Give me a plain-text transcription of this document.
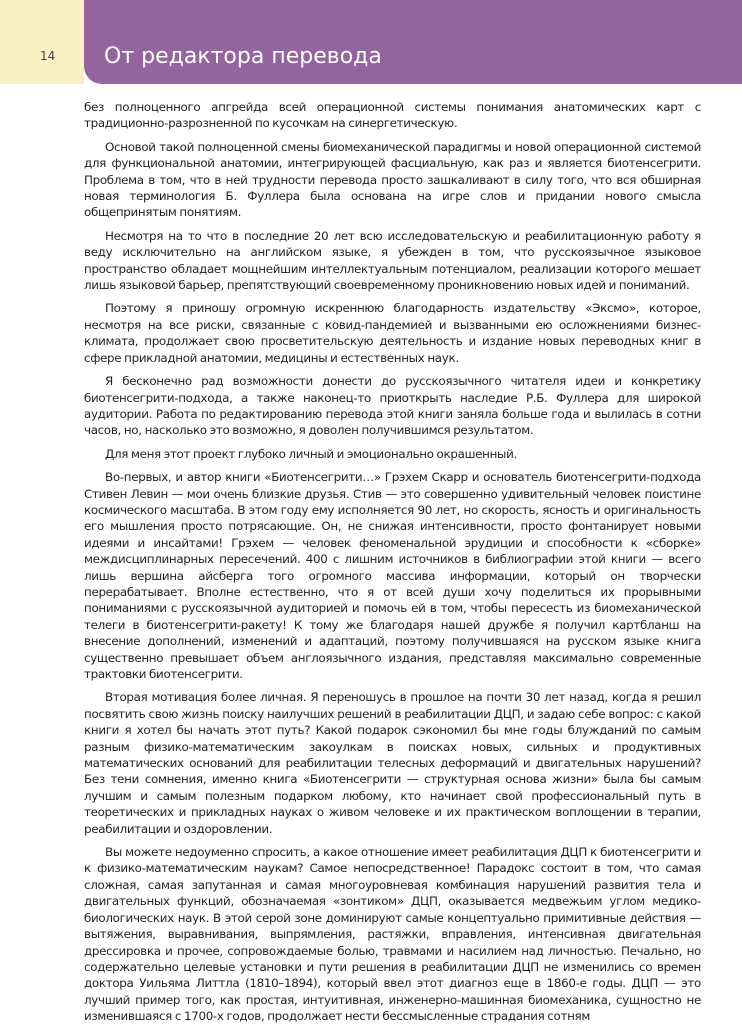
14 От редактора перевода

без полноценного апгрейда всей операционной системы понимания анатомических карт с традиционно-разрозненной по кусочкам на синергетическую.

Основой такой полноценной смены биомеханической парадигмы и новой операционной системой для функциональной анатомии, интегрирующей фасциальную, как раз и является биотенсегрити. Проблема в том, что в ней трудности перевода просто зашкаливают в силу того, что вся обширная новая терминология Б. Фуллера была основана на игре слов и придании нового смысла общепринятым понятиям.

Несмотря на то что в последние 20 лет всю исследовательскую и реабилитационную работу я веду исключительно на английском языке, я убежден в том, что русскоязычное языковое пространство обладает мощнейшим интеллектуальным потенциалом, реализации которого мешает лишь языковой барьер, препятствующий своевременному проникновению новых идей и пониманий.

Поэтому я приношу огромную искреннюю благодарность издательству «Эксмо», которое, несмотря на все риски, связанные с ковид-пандемией и вызванными ею осложнениями бизнес-климата, продолжает свою просветительскую деятельность и издание новых переводных книг в сфере прикладной анатомии, медицины и естественных наук.

Я бесконечно рад возможности донести до русскоязычного читателя идеи и конкретику биотенсегрити-подхода, а также наконец-то приоткрыть наследие Р.Б. Фуллера для широкой аудитории. Работа по редактированию перевода этой книги заняла больше года и вылилась в сотни часов, но, насколько это возможно, я доволен получившимся результатом.

Для меня этот проект глубоко личный и эмоционально окрашенный.

Во-первых, и автор книги «Биотенсегрити…» Грэхем Скарр и основатель биотенсегрити-подхода Стивен Левин — мои очень близкие друзья. Стив — это совершенно удивительный человек поистине космического масштаба. В этом году ему исполняется 90 лет, но скорость, ясность и оригинальность его мышления просто потрясающие. Он, не снижая интенсивности, просто фонтанирует новыми идеями и инсайтами! Грэхем — человек феноменальной эрудиции и способности к «сборке» междисциплинарных пересечений. 400 с лишним источников в библиографии этой книги — всего лишь вершина айсберга того огромного массива информации, который он творчески перерабатывает. Вполне естественно, что я от всей души хочу поделиться их прорывными пониманиями с русскоязычной аудиторией и помочь ей в том, чтобы пересесть из биомеханической телеги в биотенсегрити-ракету! К тому же благодаря нашей дружбе я получил картбланш на внесение дополнений, изменений и адаптаций, поэтому получившаяся на русском языке книга существенно превышает объем англоязычного издания, представляя максимально современные трактовки биотенсегрити.

Вторая мотивация более личная. Я переношусь в прошлое на почти 30 лет назад, когда я решил посвятить свою жизнь поиску наилучших решений в реабилитации ДЦП, и задаю себе вопрос: с какой книги я хотел бы начать этот путь? Какой подарок сэкономил бы мне годы блужданий по самым разным физико-математическим закоулкам в поисках новых, сильных и продуктивных математических оснований для реабилитации телесных деформаций и двигательных нарушений? Без тени сомнения, именно книга «Биотенсегрити — структурная основа жизни» была бы самым лучшим и самым полезным подарком любому, кто начинает свой профессиональный путь в теоретических и прикладных науках о живом человеке и их практическом воплощении в терапии, реабилитации и оздоровлении.

Вы можете недоуменно спросить, а какое отношение имеет реабилитация ДЦП к биотенсегрити и к физико-математическим наукам? Самое непосредственное! Парадокс состоит в том, что самая сложная, самая запутанная и самая многоуровневая комбинация нарушений развития тела и двигательных функций, обозначаемая «зонтиком» ДЦП, оказывается медвежьим углом медико-биологических наук. В этой серой зоне доминируют самые концептуально примитивные действия — вытяжения, выравнивания, выпрямления, растяжки, вправления, интенсивная двигательная дрессировка и прочее, сопровождаемые болью, травмами и насилием над личностью. Печально, но содержательно целевые установки и пути решения в реабилитации ДЦП не изменились со времен доктора Уильяма Литтла (1810–1894), который ввел этот диагноз еще в 1860-е годы. ДЦП — это лучший пример того, как простая, интуитивная, инженерно-машинная биомеханика, сущностно не изменившаяся с 1700-х годов, продолжает нести бессмысленные страдания сотням
